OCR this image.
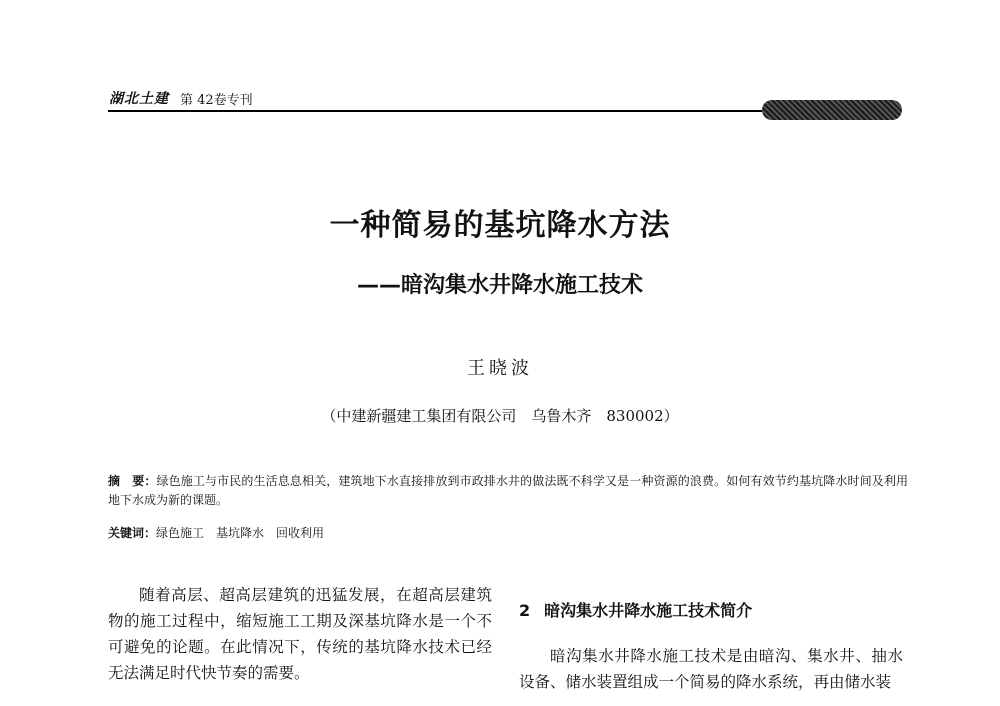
湖北土建 第 42卷专刊
一种简易的基坑降水方法
——暗沟集水井降水施工技术
王晓波
（中建新疆建工集团有限公司　乌鲁木齐　830002）
摘　要：绿色施工与市民的生活息息相关，建筑地下水直接排放到市政排水井的做法既不科学又是一种资源的浪费。如何有效节约基坑降水时间及利用地下水成为新的课题。
关键词：绿色施工　基坑降水　回收利用
随着高层、超高层建筑的迅猛发展，在超高层建筑物的施工过程中，缩短施工工期及深基坑降水是一个不可避免的论题。在此情况下，传统的基坑降水技术已经无法满足时代快节奏的需要。
2 暗沟集水井降水施工技术简介
暗沟集水井降水施工技术是由暗沟、集水井、抽水设备、储水装置组成一个简易的降水系统，再由储水装
